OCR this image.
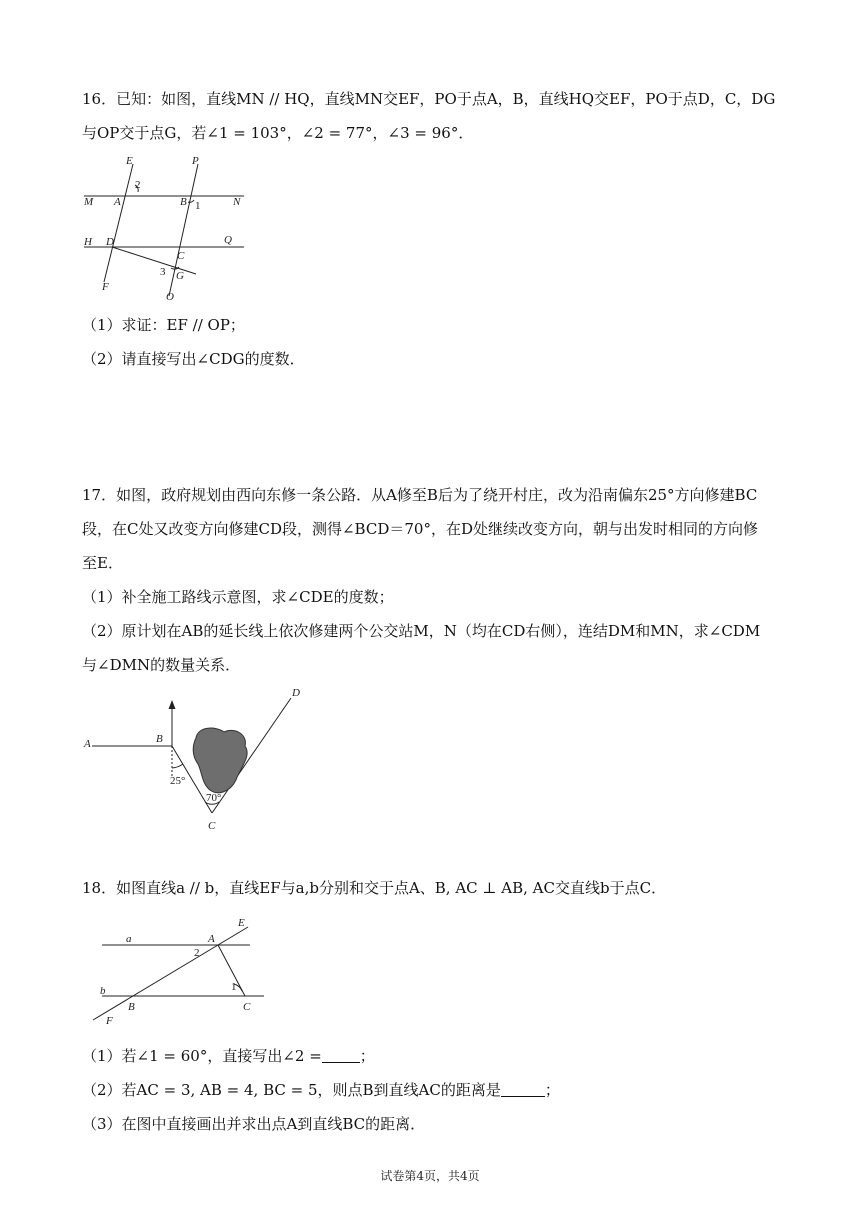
16．已知：如图，直线MN // HQ，直线MN交EF，PO于点A，B，直线HQ交EF，PO于点D，C，DG
与OP交于点G，若∠1 = 103°，∠2 = 77°，∠3 = 96°．
E	P
M A	B	N
H D
C
Q
F
G
O
2
1
3
（1）求证：EF // OP；
（2）请直接写出∠CDG的度数．
17．如图，政府规划由西向东修一条公路．从A修至B后为了绕开村庄，改为沿南偏东25°方向修建BC
段，在C处又改变方向修建CD段，测得∠BCD＝70°，在D处继续改变方向，朝与出发时相同的方向修
至E．
（1）补全施工路线示意图，求∠CDE的度数；
（2）原计划在AB的延长线上依次修建两个公交站M，N（均在CD右侧），连结DM和MN，求∠CDM
与∠DMN的数量关系．
A	B
C
D
25°
70°
18．如图直线a // b，直线EF与a,b分别和交于点A、B, AC ⊥ AB, AC交直线b于点C．
a
b
A
B	C
E
F
1
2
（1）若∠1 = 60°，直接写出∠2 =	；
（2）若AC = 3, AB = 4, BC = 5，则点B到直线AC的距离是	；
（3）在图中直接画出并求出点A到直线BC的距离．
试卷第4页，共4页
